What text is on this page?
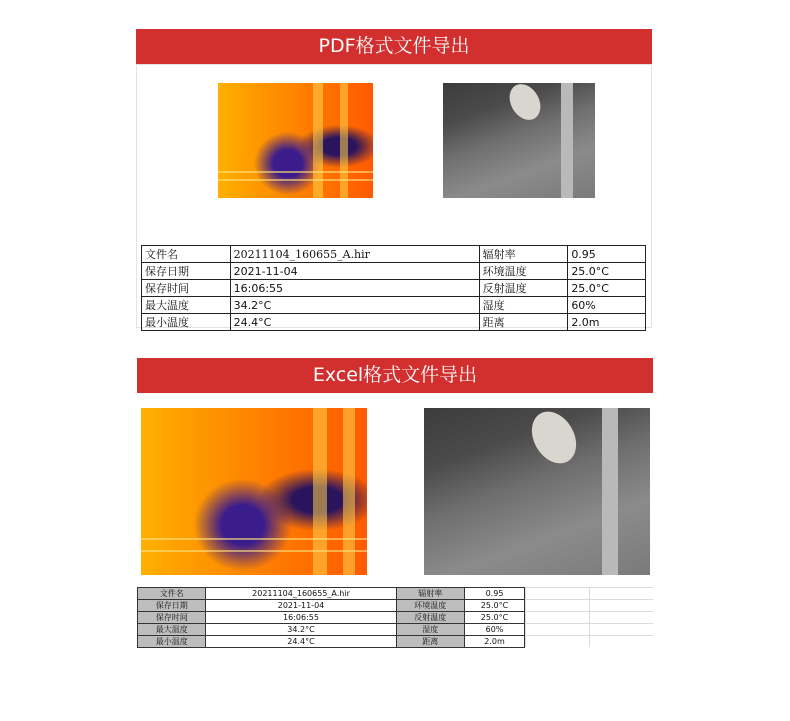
PDF格式文件导出
文件名	20211104_160655_A.hir	辐射率	0.95
保存日期	2021-11-04	环境温度	25.0°C
保存时间	16:06:55	反射温度	25.0°C
最大温度	34.2°C	湿度	60%
最小温度	24.4°C	距离	2.0m
Excel格式文件导出
文件名	20211104_160655_A.hir	辐射率	0.95
保存日期	2021-11-04	环境温度	25.0°C
保存时间	16:06:55	反射温度	25.0°C
最大温度	34.2°C	湿度	60%
最小温度	24.4°C	距离	2.0m
